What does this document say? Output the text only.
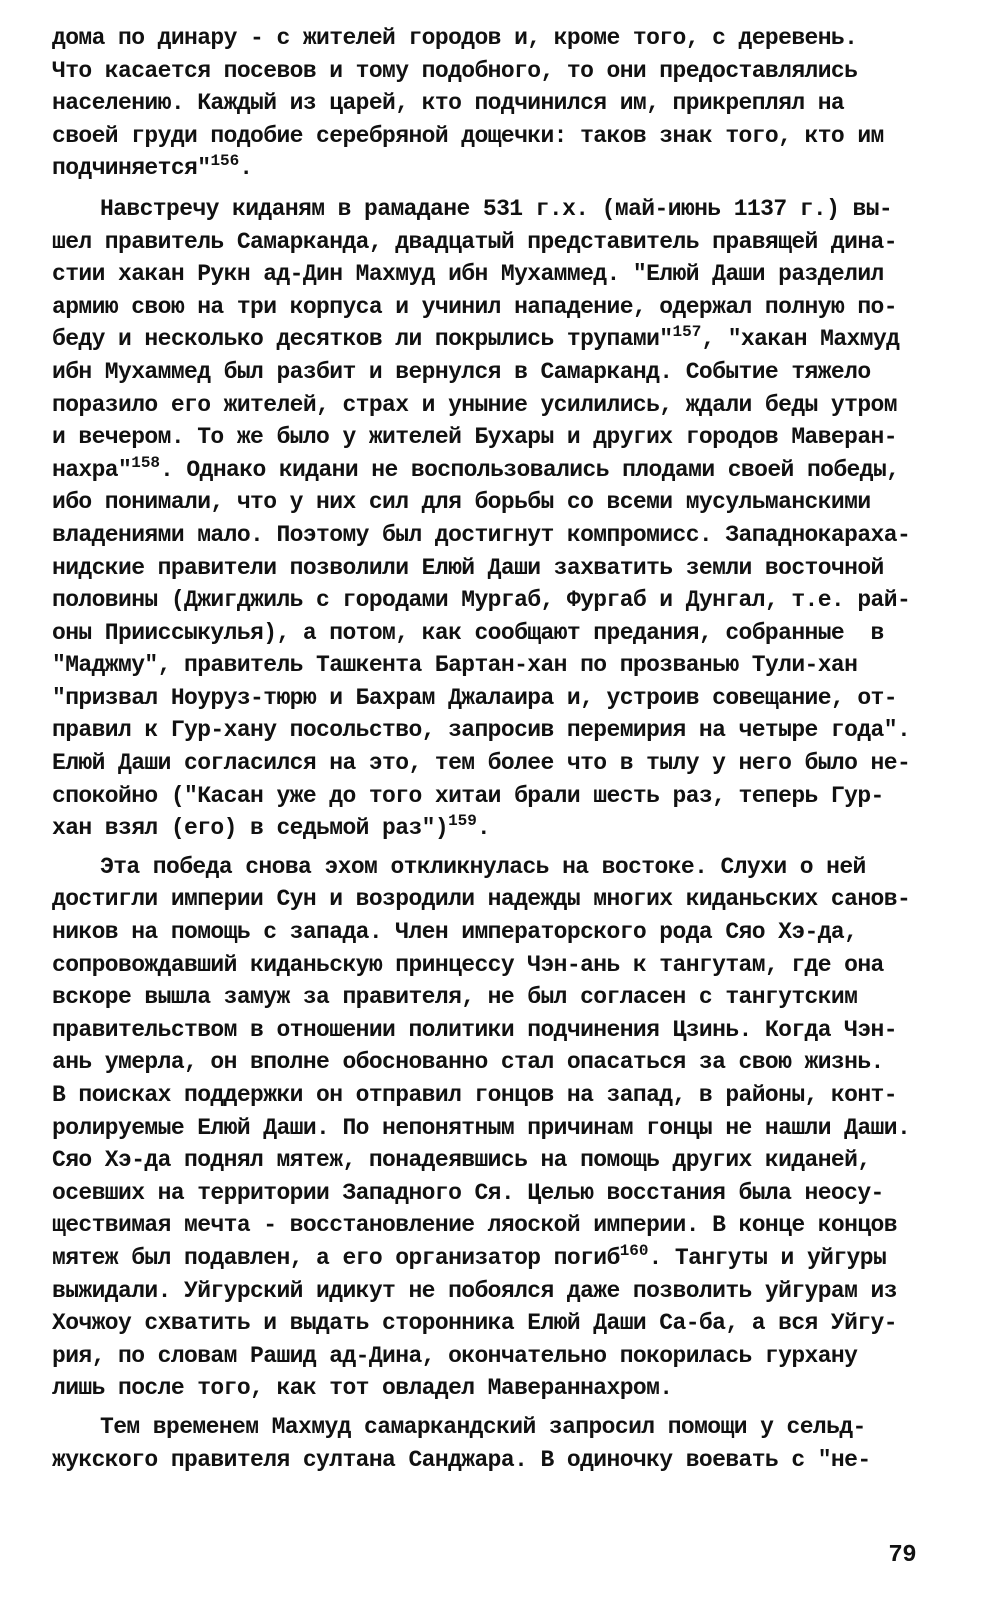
дома по динару - с жителей городов и, кроме того, с деревень.
Что касается посевов и тому подобного, то они предоставлялись
населению. Каждый из царей, кто подчинился им, прикреплял на
своей груди подобие серебряной дощечки: таков знак того, кто им
подчиняется"$^{156}$.
Навстречу киданям в рамадане 531 г.х. (май-июнь 1137 г.) вы-
шел правитель Самарканда, двадцатый представитель правящей дина-
стии хакан Рукн ад-Дин Махмуд ибн Мухаммед. "Елюй Даши разделил
армию свою на три корпуса и учинил нападение, одержал полную по-
беду и несколько десятков ли покрылись трупами"$^{157}$, "хакан Махмуд
ибн Мухаммед был разбит и вернулся в Самарканд. Событие тяжело
поразило его жителей, страх и уныние усилились, ждали беды утром
и вечером. То же было у жителей Бухары и других городов Мaверан-
нахра"$^{158}$. Однако кидани не воспользовались плодами своей победы,
ибо понимали, что у них сил для борьбы со всеми мусульманскими
владениями мало. Поэтому был достигнут компромисс. Западнокараха-
нидские правители позволили Елюй Даши захватить земли восточной
половины (Джигджиль с городами Мургаб, Фургаб и Дунгал, т.е. рай-
оны Прииссыкулья), а потом, как сообщают предания, собранные  в
"Маджму", правитель Ташкента Бартан-хан по прозванью Тули-хан
"призвал Ноуруз-тюрю и Бахрам Джалаира и, устроив совещание, от-
правил к Гур-хану посольство, запросив перемирия на четыре года".
Елюй Даши согласился на это, тем более что в тылу у него было не-
спокойно ("Касан уже до того хитаи брали шесть раз, теперь Гур-
хан взял (его) в седьмой раз")$^{159}$.
Эта победа снова эхом откликнулась на востоке. Слухи о ней
достигли империи Сун и возродили надежды многих киданьских санов-
ников на помощь с запада. Член императорского рода Сяо Хэ-да,
сопровождавший киданьскую принцессу Чэн-ань к тангутам, где она
вскоре вышла замуж за правителя, не был согласен с тангутским
правительством в отношении политики подчинения Цзинь. Когда Чэн-
ань умерла, он вполне обоснованно стал опасаться за свою жизнь.
В поисках поддержки он отправил гонцов на запад, в районы, конт-
ролируемые Елюй Даши. По непонятным причинам гонцы не нашли Даши.
Сяо Хэ-да поднял мятеж, понадеявшись на помощь других киданей,
осевших на территории Западного Ся. Целью восстания была неосу-
ществимая мечта - восстановление ляоской империи. В конце концов
мятеж был подавлен, а его организатор погиб$^{160}$. Тангуты и уйгуры
выжидали. Уйгурский идикут не побоялся даже позволить уйгурам из
Хочжоу схватить и выдать сторонника Елюй Даши Са-ба, а вся Уйгу-
рия, по словам Рашид ад-Дина, окончательно покорилась гурхану
лишь после того, как тот овладел Мавераннахром.
Тем временем Махмуд самаркандский запросил помощи у сельд-
жукского правителя султана Санджара. В одиночку воевать с "не-
79
